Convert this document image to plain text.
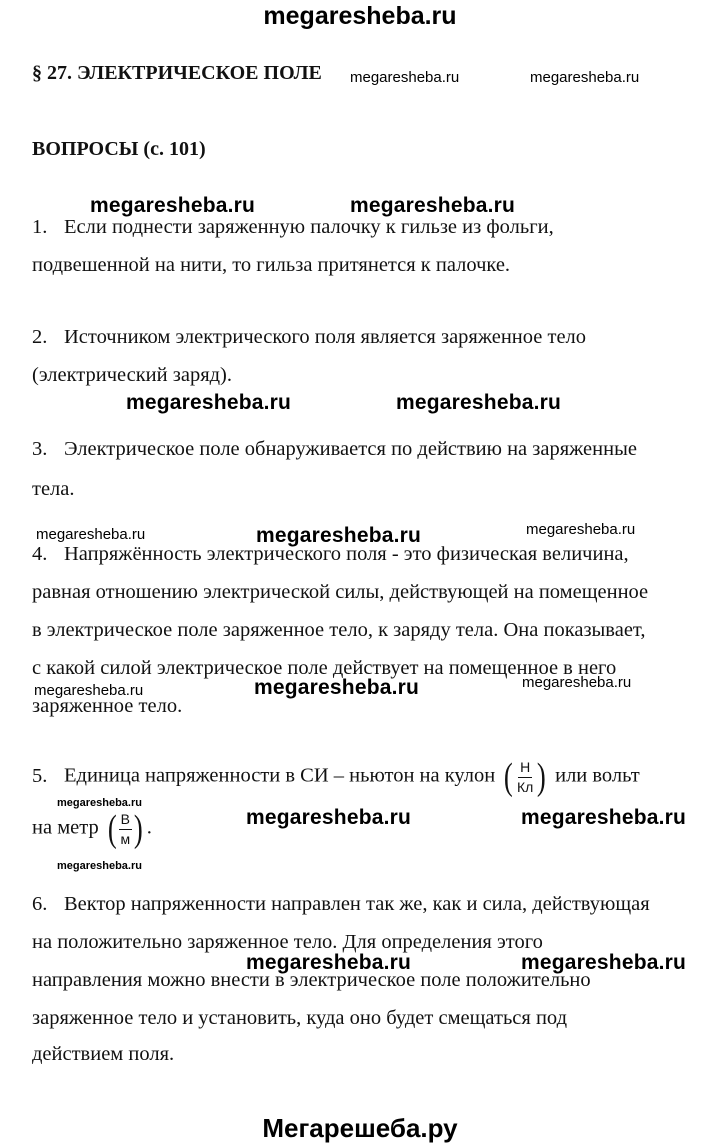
megaresheba.ru
Мегарешеба.ру
§ 27. ЭЛЕКТРИЧЕСКОЕ ПОЛЕ
ВОПРОСЫ (с. 101)
megaresheba.ru	megaresheba.ru
megaresheba.ru	megaresheba.ru
megaresheba.ru	megaresheba.ru
megaresheba.ru	megaresheba.ru	megaresheba.ru
megaresheba.ru	megaresheba.ru	megaresheba.ru
megaresheba.ru
megaresheba.ru	megaresheba.ru
megaresheba.ru
megaresheba.ru	megaresheba.ru
1. Если поднести заряженную палочку к гильзе из фольги,
подвешенной на нити, то гильза притянется к палочке.
2. Источником электрического поля является заряженное тело
(электрический заряд).
3. Электрическое поле обнаруживается по действию на заряженные
тела.
4. Напряжённость электрического поля - это физическая величина,
равная отношению электрической силы, действующей на помещенное
в электрическое поле заряженное тело, к заряду тела. Она показывает,
с какой силой электрическое поле действует на помещенное в него
заряженное тело.
5. Единица напряженности в СИ – ньютон на кулон ( $\frac{Н}{Кл}$ ) или вольт
на метр ( $\frac{В}{м}$ ) .
6. Вектор напряженности направлен так же, как и сила, действующая
на положительно заряженное тело. Для определения этого
направления можно внести в электрическое поле положительно
заряженное тело и установить, куда оно будет смещаться под
действием поля.
